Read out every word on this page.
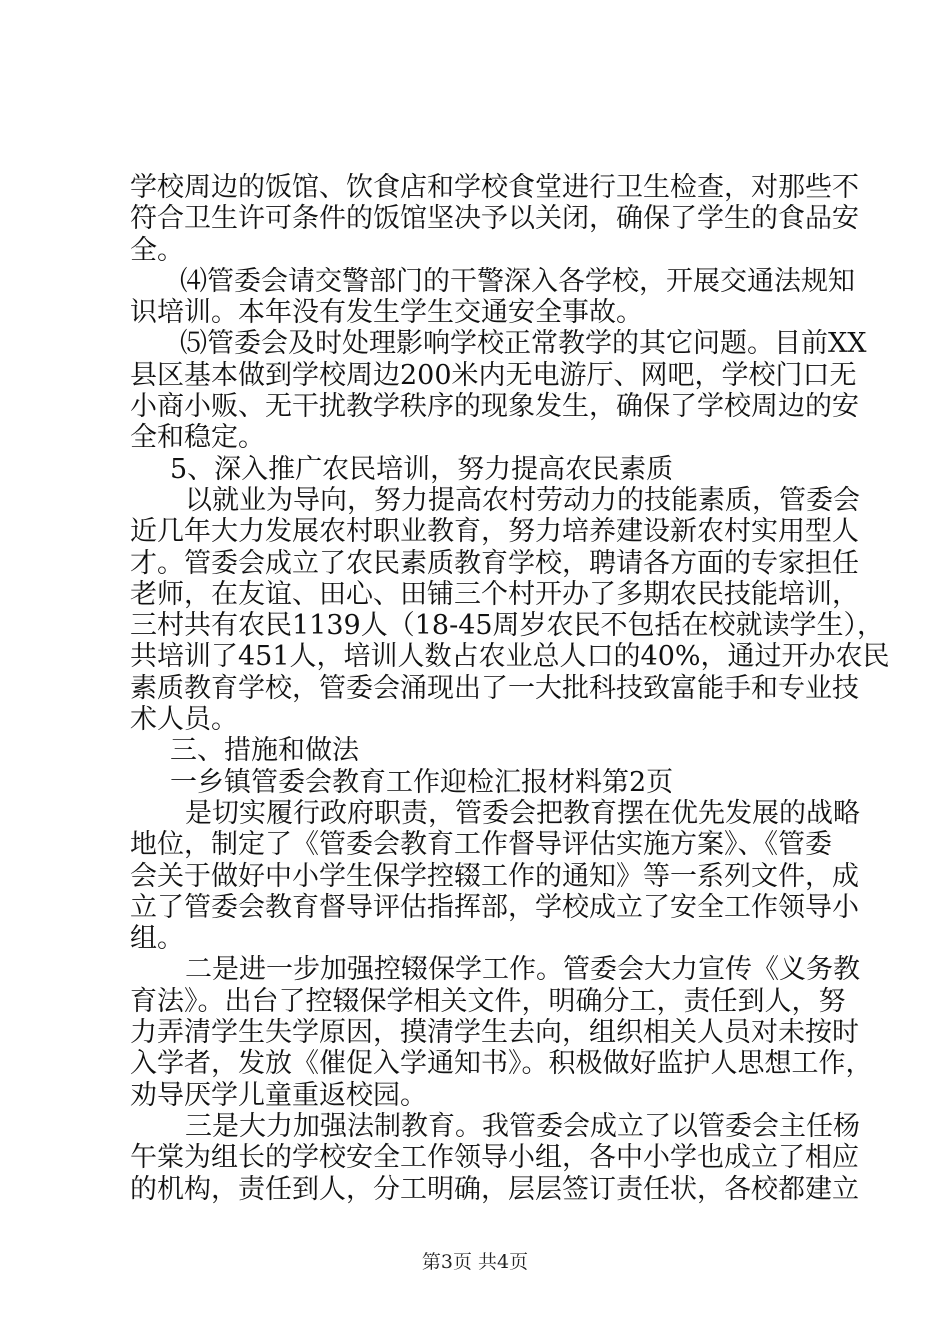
学校周边的饭馆、饮食店和学校食堂进行卫生检查，对那些不
符合卫生许可条件的饭馆坚决予以关闭，确保了学生的食品安
全。
⑷管委会请交警部门的干警深入各学校，开展交通法规知
识培训。本年没有发生学生交通安全事故。
⑸管委会及时处理影响学校正常教学的其它问题。目前XX
县区基本做到学校周边200米内无电游厅、网吧，学校门口无
小商小贩、无干扰教学秩序的现象发生，确保了学校周边的安
全和稳定。
5、深入推广农民培训，努力提高农民素质
以就业为导向，努力提高农村劳动力的技能素质，管委会
近几年大力发展农村职业教育，努力培养建设新农村实用型人
才。管委会成立了农民素质教育学校，聘请各方面的专家担任
老师，在友谊、田心、田铺三个村开办了多期农民技能培训，
三村共有农民1139人（18-45周岁农民不包括在校就读学生），
共培训了451人，培训人数占农业总人口的40%，通过开办农民
素质教育学校，管委会涌现出了一大批科技致富能手和专业技
术人员。
三、措施和做法
一乡镇管委会教育工作迎检汇报材料第2页
是切实履行政府职责，管委会把教育摆在优先发展的战略
地位，制定了《管委会教育工作督导评估实施方案》、《管委
会关于做好中小学生保学控辍工作的通知》等一系列文件，成
立了管委会教育督导评估指挥部，学校成立了安全工作领导小
组。
二是进一步加强控辍保学工作。管委会大力宣传《义务教
育法》。出台了控辍保学相关文件，明确分工，责任到人，努
力弄清学生失学原因，摸清学生去向，组织相关人员对未按时
入学者，发放《催促入学通知书》。积极做好监护人思想工作，
劝导厌学儿童重返校园。
三是大力加强法制教育。我管委会成立了以管委会主任杨
午棠为组长的学校安全工作领导小组，各中小学也成立了相应
的机构，责任到人，分工明确，层层签订责任状，各校都建立
第3页 共4页
